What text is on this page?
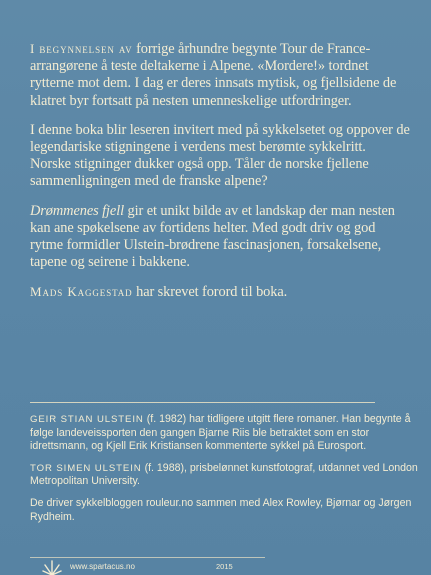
I begynnelsen av forrige århundre begynte Tour de France-arrangørene å teste deltakerne i Alpene. «Mordere!» tordnet rytterne mot dem. I dag er deres innsats mytisk, og fjellsidene de klatret byr fortsatt på nesten umenneskelige utfordringer.

I denne boka blir leseren invitert med på sykkelsetet og oppover de legendariske stigningene i verdens mest berømte sykkelritt. Norske stigninger dukker også opp. Tåler de norske fjellene sammenligningen med de franske alpene?

Drømmenes fjell gir et unikt bilde av et landskap der man nesten kan ane spøkelsene av fortidens helter. Med godt driv og god rytme formidler Ulstein-brødrene fascinasjonen, forsakelsene, tapene og seirene i bakkene.

Mads Kaggestad har skrevet forord til boka.

GEIR STIAN ULSTEIN (f. 1982) har tidligere utgitt flere romaner. Han begynte å følge landeveissporten den gangen Bjarne Riis ble betraktet som en stor idrettsmann, og Kjell Erik Kristiansen kommenterte sykkel på Eurosport.

TOR SIMEN ULSTEIN (f. 1988), prisbelønnet kunstfotograf, utdannet ved London Metropolitan University.

De driver sykkelbloggen rouleur.no sammen med Alex Rowley, Bjørnar og Jørgen Rydheim.

www.spartacus.no	2015
